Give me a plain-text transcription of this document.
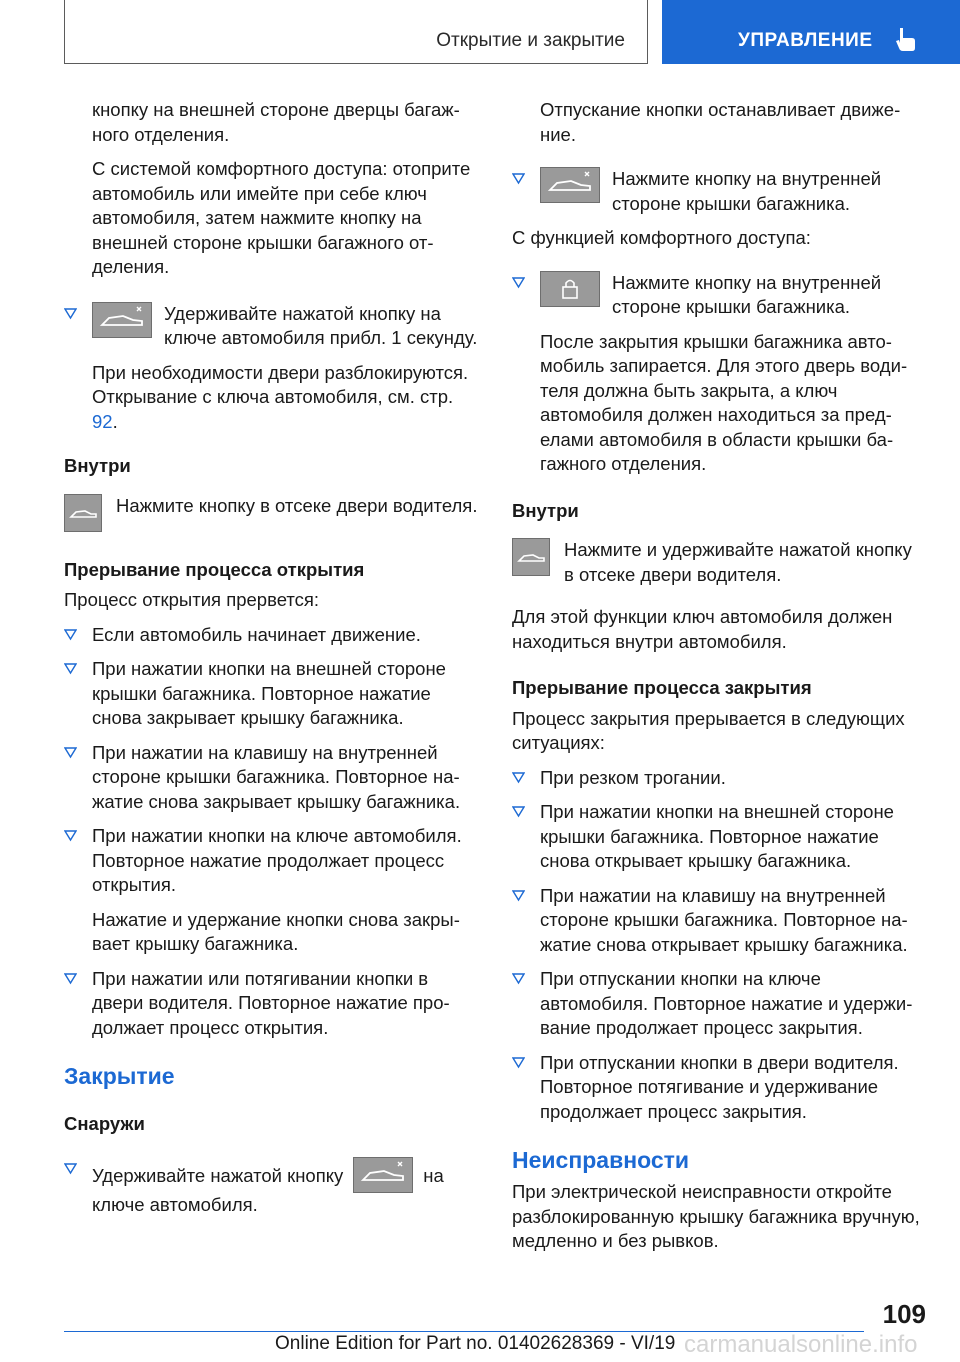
Открытие и закрытие	УПРАВЛЕНИЕ

кнопку на внешней стороне дверцы багажного отделения.

С системой комфортного доступа: отоприте автомобиль или имейте при себе ключ автомобиля, затем нажмите кнопку на внешней стороне крышки багажного отделения.

Удерживайте нажатой кнопку на ключе автомобиля прибл. 1 секунду.

При необходимости двери разблокируются. Открывание с ключа автомобиля, см. стр. 92.

Внутри

Нажмите кнопку в отсеке двери водителя.

Прерывание процесса открытия

Процесс открытия прервется:

Если автомобиль начинает движение.
При нажатии кнопки на внешней стороне крышки багажника. Повторное нажатие снова закрывает крышку багажника.
При нажатии на клавишу на внутренней стороне крышки багажника. Повторное нажатие снова закрывает крышку багажника.
При нажатии кнопки на ключе автомобиля. Повторное нажатие продолжает процесс открытия.

Нажатие и удержание кнопки снова закрывает крышку багажника.

При нажатии или потягивании кнопки в двери водителя. Повторное нажатие продолжает процесс открытия.

Закрытие

Снаружи

Удерживайте нажатой кнопку	на
ключе автомобиля.

Отпускание кнопки останавливает движение.

Нажмите кнопку на внутренней стороне крышки багажника.

С функцией комфортного доступа:

Нажмите кнопку на внутренней стороне крышки багажника.

После закрытия крышки багажника автомобиль запирается. Для этого дверь водителя должна быть закрыта, а ключ автомобиля должен находиться за пределами автомобиля в области крышки багажного отделения.

Внутри

Нажмите и удерживайте нажатой кнопку в отсеке двери водителя.

Для этой функции ключ автомобиля должен находиться внутри автомобиля.

Прерывание процесса закрытия

Процесс закрытия прерывается в следующих ситуациях:

При резком трогании.
При нажатии кнопки на внешней стороне крышки багажника. Повторное нажатие снова открывает крышку багажника.
При нажатии на клавишу на внутренней стороне крышки багажника. Повторное нажатие снова открывает крышку багажника.
При отпускании кнопки на ключе автомобиля. Повторное нажатие и удерживание продолжает процесс закрытия.
При отпускании кнопки в двери водителя. Повторное потягивание и удерживание продолжает процесс закрытия.

Неисправности

При электрической неисправности откройте разблокированную крышку багажника вручную, медленно и без рывков.

109
carmanualsonline.info
Online Edition for Part no. 01402628369 - VI/19
